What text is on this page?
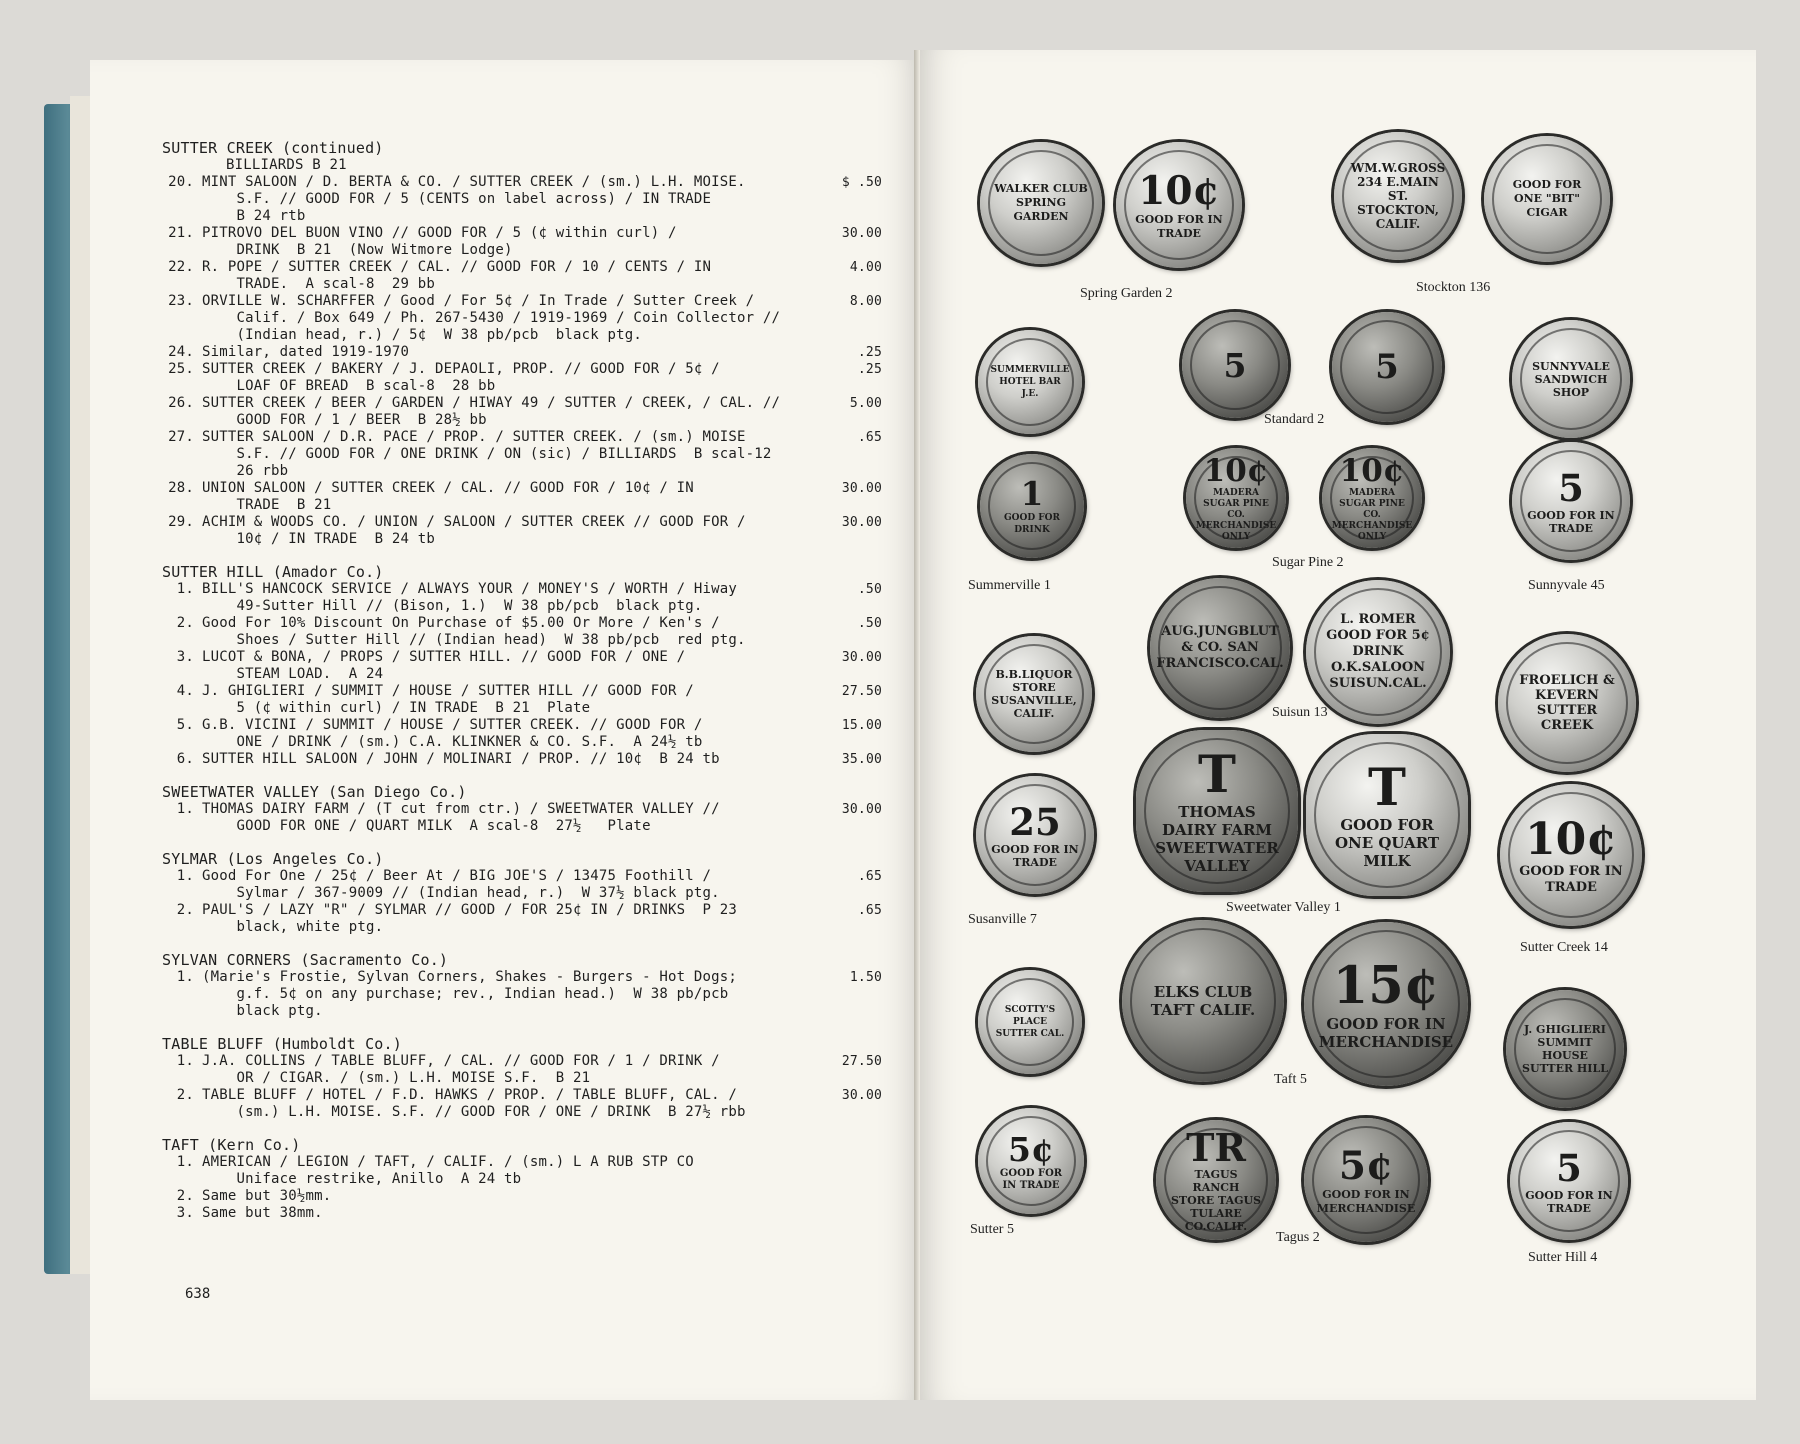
SUTTER CREEK (continued)
BILLIARDS B 21
20. MINT SALOON / D. BERTA & CO. / SUTTER CREEK / (sm.) L.H. MOISE.
S.F. // GOOD FOR / 5 (CENTS on label across) / IN TRADE
B 24 rtb
$ .50
21. PITROVO DEL BUON VINO // GOOD FOR / 5 (¢ within curl) /
DRINK  B 21  (Now Witmore Lodge)
30.00
22. R. POPE / SUTTER CREEK / CAL. // GOOD FOR / 10 / CENTS / IN
TRADE.  A scal-8  29 bb
4.00
23. ORVILLE W. SCHARFFER / Good / For 5¢ / In Trade / Sutter Creek /
Calif. / Box 649 / Ph. 267-5430 / 1919-1969 / Coin Collector //
(Indian head, r.) / 5¢  W 38 pb/pcb  black ptg.
8.00
24. Similar, dated 1919-1970	.25
25. SUTTER CREEK / BAKERY / J. DEPAOLI, PROP. // GOOD FOR / 5¢ /
LOAF OF BREAD  B scal-8  28 bb
.25
26. SUTTER CREEK / BEER / GARDEN / HIWAY 49 / SUTTER / CREEK, / CAL. //
GOOD FOR / 1 / BEER  B 28½ bb
5.00
27. SUTTER SALOON / D.R. PACE / PROP. / SUTTER CREEK. / (sm.) MOISE
S.F. // GOOD FOR / ONE DRINK / ON (sic) / BILLIARDS  B scal-12
26 rbb
.65
28. UNION SALOON / SUTTER CREEK / CAL. // GOOD FOR / 10¢ / IN
TRADE  B 21
30.00
29. ACHIM & WOODS CO. / UNION / SALOON / SUTTER CREEK // GOOD FOR /
10¢ / IN TRADE  B 24 tb
30.00
SUTTER HILL (Amador Co.)
1. BILL'S HANCOCK SERVICE / ALWAYS YOUR / MONEY'S / WORTH / Hiway
49-Sutter Hill // (Bison, 1.)  W 38 pb/pcb  black ptg.
.50
2. Good For 10% Discount On Purchase of $5.00 Or More / Ken's /
Shoes / Sutter Hill // (Indian head)  W 38 pb/pcb  red ptg.
.50
3. LUCOT & BONA, / PROPS / SUTTER HILL. // GOOD FOR / ONE /
STEAM LOAD.  A 24
30.00
4. J. GHIGLIERI / SUMMIT / HOUSE / SUTTER HILL // GOOD FOR /
5 (¢ within curl) / IN TRADE  B 21  Plate
27.50
5. G.B. VICINI / SUMMIT / HOUSE / SUTTER CREEK. // GOOD FOR /
ONE / DRINK / (sm.) C.A. KLINKNER & CO. S.F.  A 24½ tb
15.00
6. SUTTER HILL SALOON / JOHN / MOLINARI / PROP. // 10¢  B 24 tb	35.00
SWEETWATER VALLEY (San Diego Co.)
1. THOMAS DAIRY FARM / (T cut from ctr.) / SWEETWATER VALLEY //
GOOD FOR ONE / QUART MILK  A scal-8  27½   Plate
30.00
SYLMAR (Los Angeles Co.)
1. Good For One / 25¢ / Beer At / BIG JOE'S / 13475 Foothill /
Sylmar / 367-9009 // (Indian head, r.)  W 37½ black ptg.
.65
2. PAUL'S / LAZY "R" / SYLMAR // GOOD / FOR 25¢ IN / DRINKS  P 23
black, white ptg.
.65
SYLVAN CORNERS (Sacramento Co.)
1. (Marie's Frostie, Sylvan Corners, Shakes - Burgers - Hot Dogs;
g.f. 5¢ on any purchase; rev., Indian head.)  W 38 pb/pcb
black ptg.
1.50
TABLE BLUFF (Humboldt Co.)
1. J.A. COLLINS / TABLE BLUFF, / CAL. // GOOD FOR / 1 / DRINK /
OR / CIGAR. / (sm.) L.H. MOISE S.F.  B 21
27.50
2. TABLE BLUFF / HOTEL / F.D. HAWKS / PROP. / TABLE BLUFF, CAL. /
(sm.) L.H. MOISE. S.F. // GOOD FOR / ONE / DRINK  B 27½ rbb
30.00
TAFT (Kern Co.)
1. AMERICAN / LEGION / TAFT, / CALIF. / (sm.) L A RUB STP CO
Uniface restrike, Anillo  A 24 tb
2. Same but 30½mm.
3. Same but 38mm.
638
WALKER CLUB SPRING GARDEN
10¢
GOOD FOR IN TRADE
WM.W.GROSS 234 E.MAIN ST. STOCKTON, CALIF.
GOOD FOR ONE "BIT" CIGAR
SUMMERVILLE HOTEL BAR J.E.
5	5	SUNNYVALE SANDWICH SHOP
1
GOOD FOR DRINK
10¢
MADERA SUGAR PINE CO. MERCHANDISE ONLY
10¢
MADERA SUGAR PINE CO. MERCHANDISE ONLY
5
GOOD FOR IN TRADE
AUG.JUNGBLUT & CO. SAN FRANCISCO.CAL.
L. ROMER GOOD FOR 5¢ DRINK O.K.SALOON SUISUN.CAL.
B.B.LIQUOR STORE SUSANVILLE, CALIF.
FROELICH & KEVERN SUTTER CREEK
25
GOOD FOR IN TRADE
T
THOMAS DAIRY FARM SWEETWATER VALLEY
T
GOOD FOR ONE QUART MILK	10¢
GOOD FOR IN TRADE
ELKS CLUB TAFT CALIF.	15¢
GOOD FOR IN MERCHANDISE
SCOTTY'S PLACE SUTTER CAL.	J. GHIGLIERI SUMMIT HOUSE SUTTER HILL
5¢
GOOD FOR IN TRADE
TR
TAGUS RANCH STORE TAGUS TULARE CO.CALIF.
5¢
GOOD FOR IN MERCHANDISE
5
GOOD FOR IN TRADE
Spring Garden 2	Stockton 136
Standard 2
Summerville 1
Sugar Pine 2
Sunnyvale 45
Suisun 13
Susanville 7
Sweetwater Valley 1
Sutter Creek 14
Taft 5
Sutter 5
Tagus 2
Sutter Hill 4
